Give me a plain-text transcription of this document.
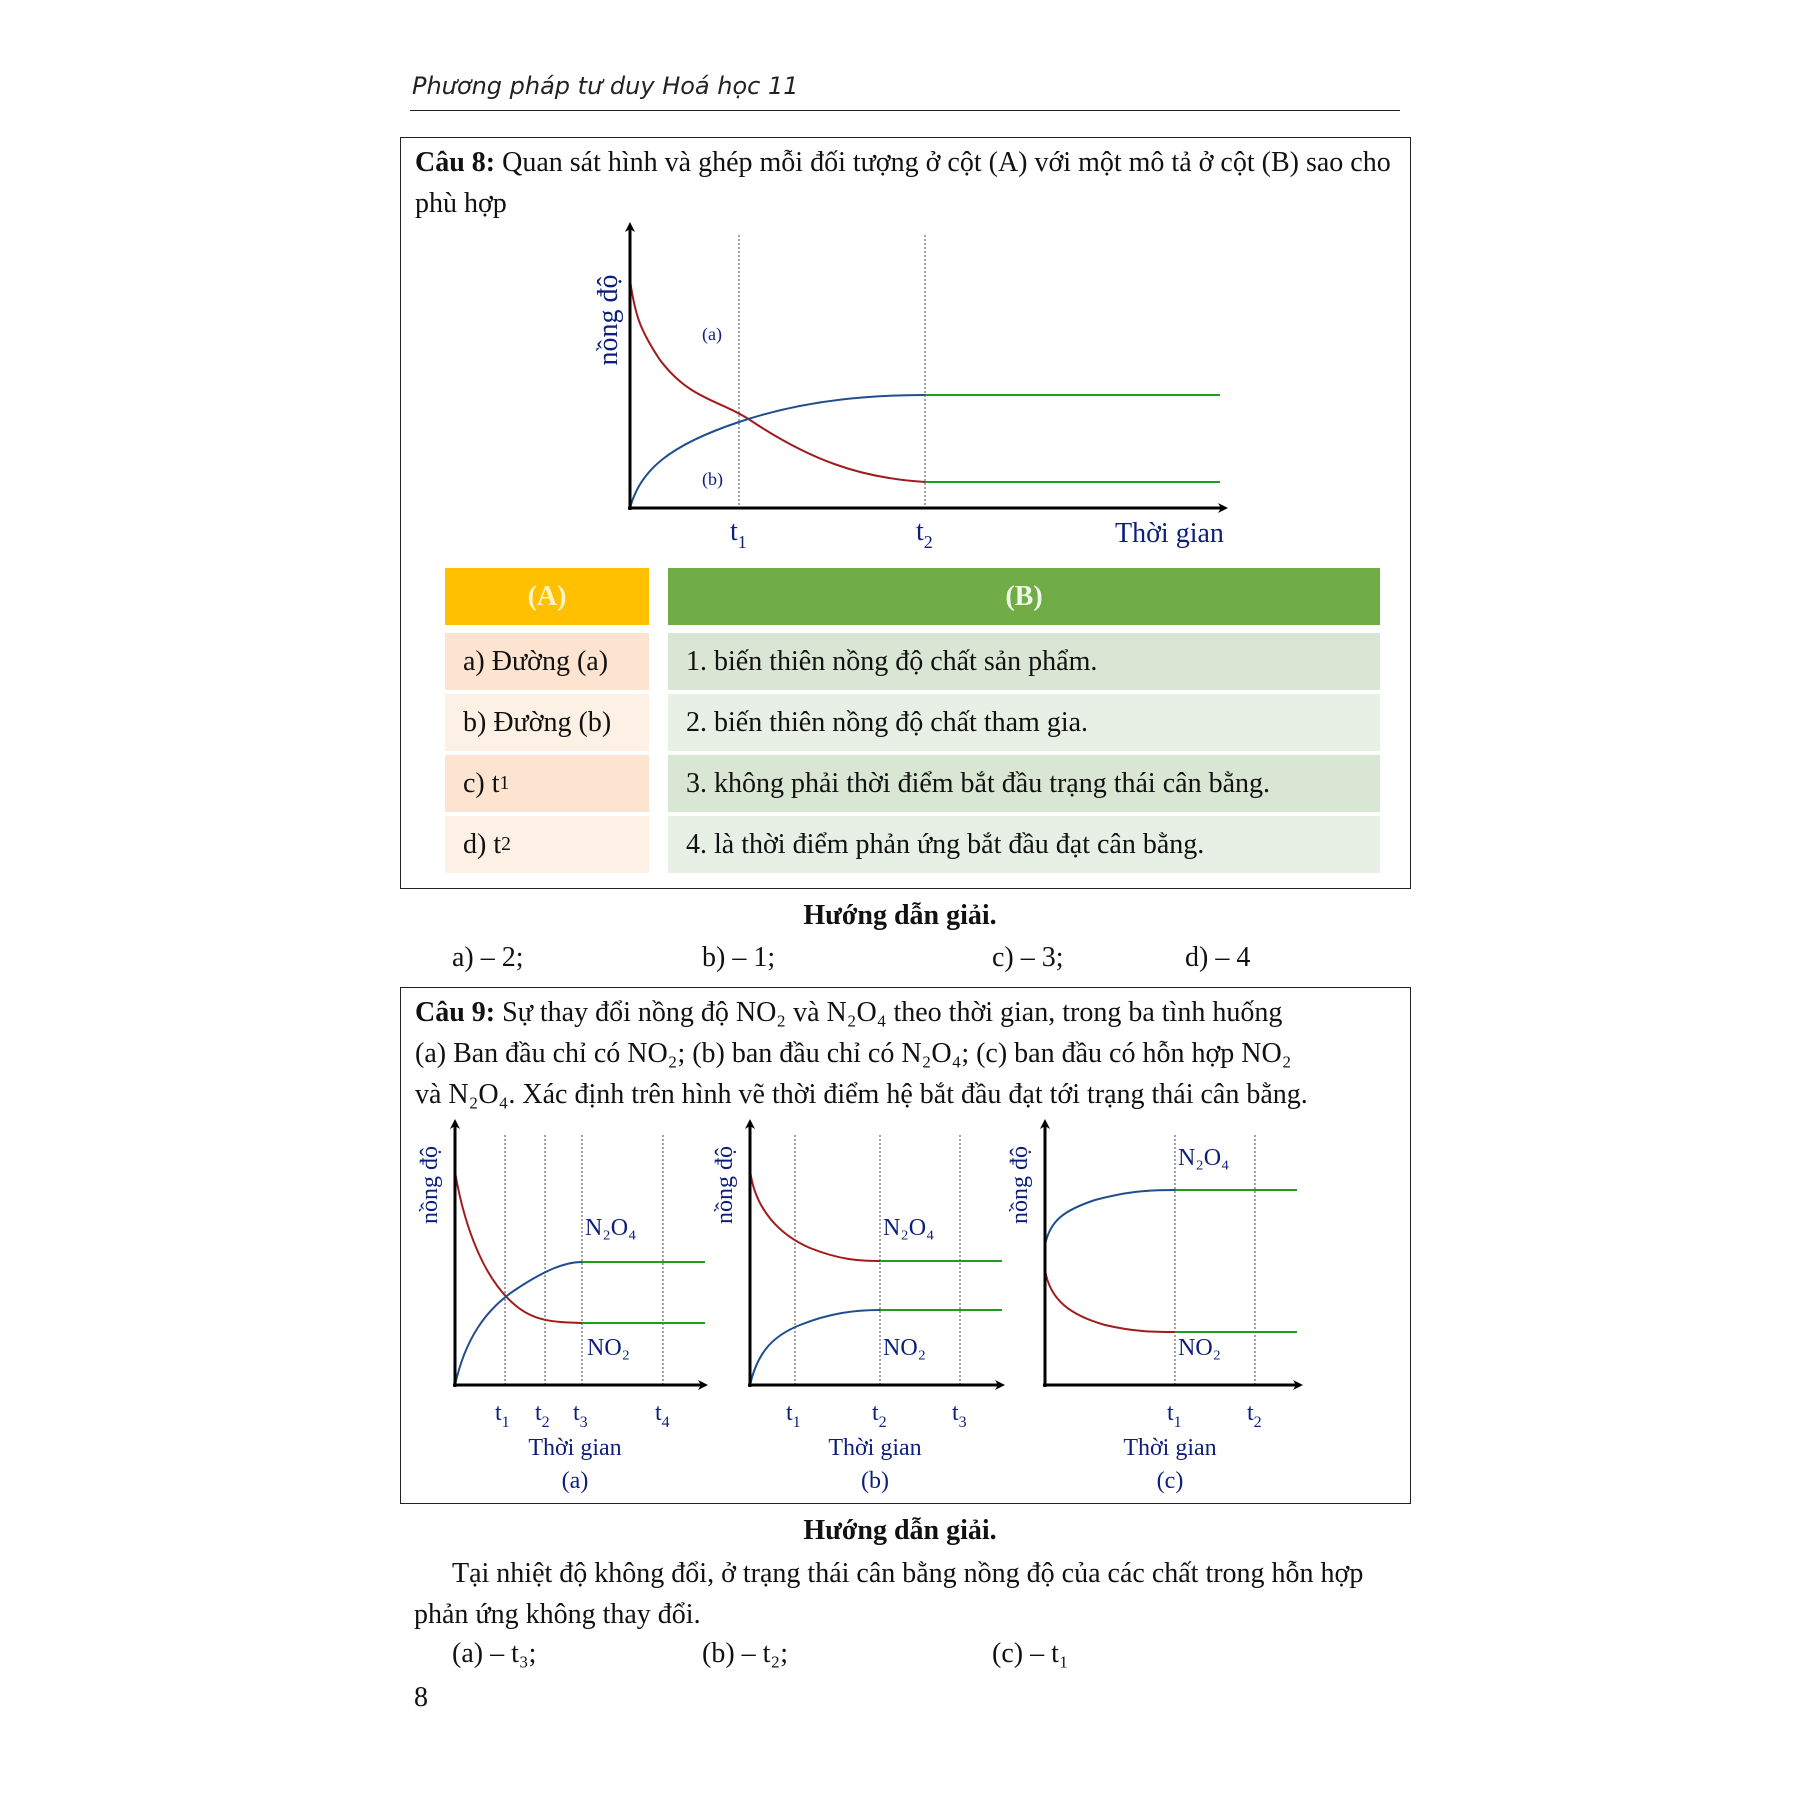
Phương pháp tư duy Hoá học 11
Câu 8: Quan sát hình và ghép mỗi đối tượng ở cột (A) với một mô tả ở cột (B) sao cho phù hợp
nồng độ	(a)
(b)
$t_1$	$t_2$	Thời gian
(A)	(B)
a) Đường (a)	1. biến thiên nồng độ chất sản phẩm.
b) Đường (b)	2. biến thiên nồng độ chất tham gia.
c) t 1	3. không phải thời điểm bắt đầu trạng thái cân bằng.
d) t 2	4. là thời điểm phản ứng bắt đầu đạt cân bằng.
Hướng dẫn giải.
a) – 2;	b) – 1;	c) – 3;	d) – 4
Câu 9: Sự thay đổi nồng độ NO₂ và N₂O₄ theo thời gian, trong ba tình huống
(a) Ban đầu chỉ có NO₂; (b) ban đầu chỉ có N₂O₄; (c) ban đầu có hỗn hợp NO₂
và N₂O₄. Xác định trên hình vẽ thời điểm hệ bắt đầu đạt tới trạng thái cân bằng.
nồng độ
N₂O₄
NO₂
$t_1$ $t_2$ $t_3$	$t_4$
Thời gian
(a)
nồng độ
N₂O₄
NO₂
$t_1$	$t_2$	$t_3$
Thời gian
(b)
nồng độ	N₂O₄
NO₂
$t_1$	$t_2$
Thời gian
(c)
Hướng dẫn giải.
Tại nhiệt độ không đổi, ở trạng thái cân bằng nồng độ của các chất trong hỗn hợp phản ứng không thay đổi.
(a) – t₃;	(b) – t₂;	(c) – t₁
8
